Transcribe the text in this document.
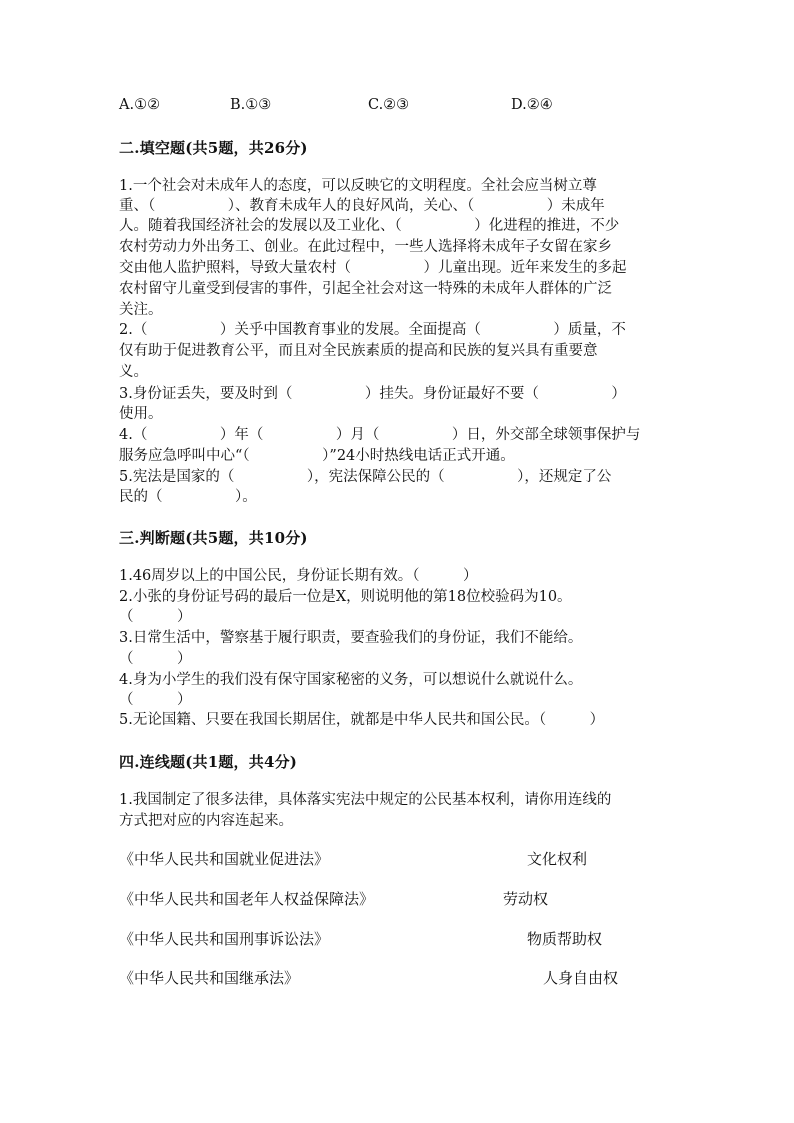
A.①②	B.①③	C.②③	D.②④
二.填空题(共5题，共26分)
1.一个社会对未成年人的态度，可以反映它的文明程度。全社会应当树立尊
重、（　　　　　）、教育未成年人的良好风尚，关心、（　　　　　）未成年
人。随着我国经济社会的发展以及工业化、（　　　　　）化进程的推进，不少
农村劳动力外出务工、创业。在此过程中，一些人选择将未成年子女留在家乡
交由他人监护照料，导致大量农村（　　　　　）儿童出现。近年来发生的多起
农村留守儿童受到侵害的事件，引起全社会对这一特殊的未成年人群体的广泛
关注。
2.（　　　　　）关乎中国教育事业的发展。全面提高（　　　　　）质量，不
仅有助于促进教育公平，而且对全民族素质的提高和民族的复兴具有重要意
义。
3.身份证丢失，要及时到（　　　　　）挂失。身份证最好不要（　　　　　）
使用。
4.（　　　　　）年（　　　　　）月（　　　　　）日，外交部全球领事保护与
服务应急呼叫中心“（　　　　　）”24小时热线电话正式开通。
5.宪法是国家的（　　　　　），宪法保障公民的（　　　　　），还规定了公
民的（　　　　　）。
三.判断题(共5题，共10分)
1.46周岁以上的中国公民，身份证长期有效。（　　　）
2.小张的身份证号码的最后一位是X，则说明他的第18位校验码为10。
（　　　）
3.日常生活中，警察基于履行职责，要查验我们的身份证，我们不能给。
（　　　）
4.身为小学生的我们没有保守国家秘密的义务，可以想说什么就说什么。
（　　　）
5.无论国籍、只要在我国长期居住，就都是中华人民共和国公民。（　　　）
四.连线题(共1题，共4分)
1.我国制定了很多法律，具体落实宪法中规定的公民基本权利，请你用连线的
方式把对应的内容连起来。
《中华人民共和国就业促进法》	文化权利
《中华人民共和国老年人权益保障法》	劳动权
《中华人民共和国刑事诉讼法》	物质帮助权
《中华人民共和国继承法》	人身自由权
